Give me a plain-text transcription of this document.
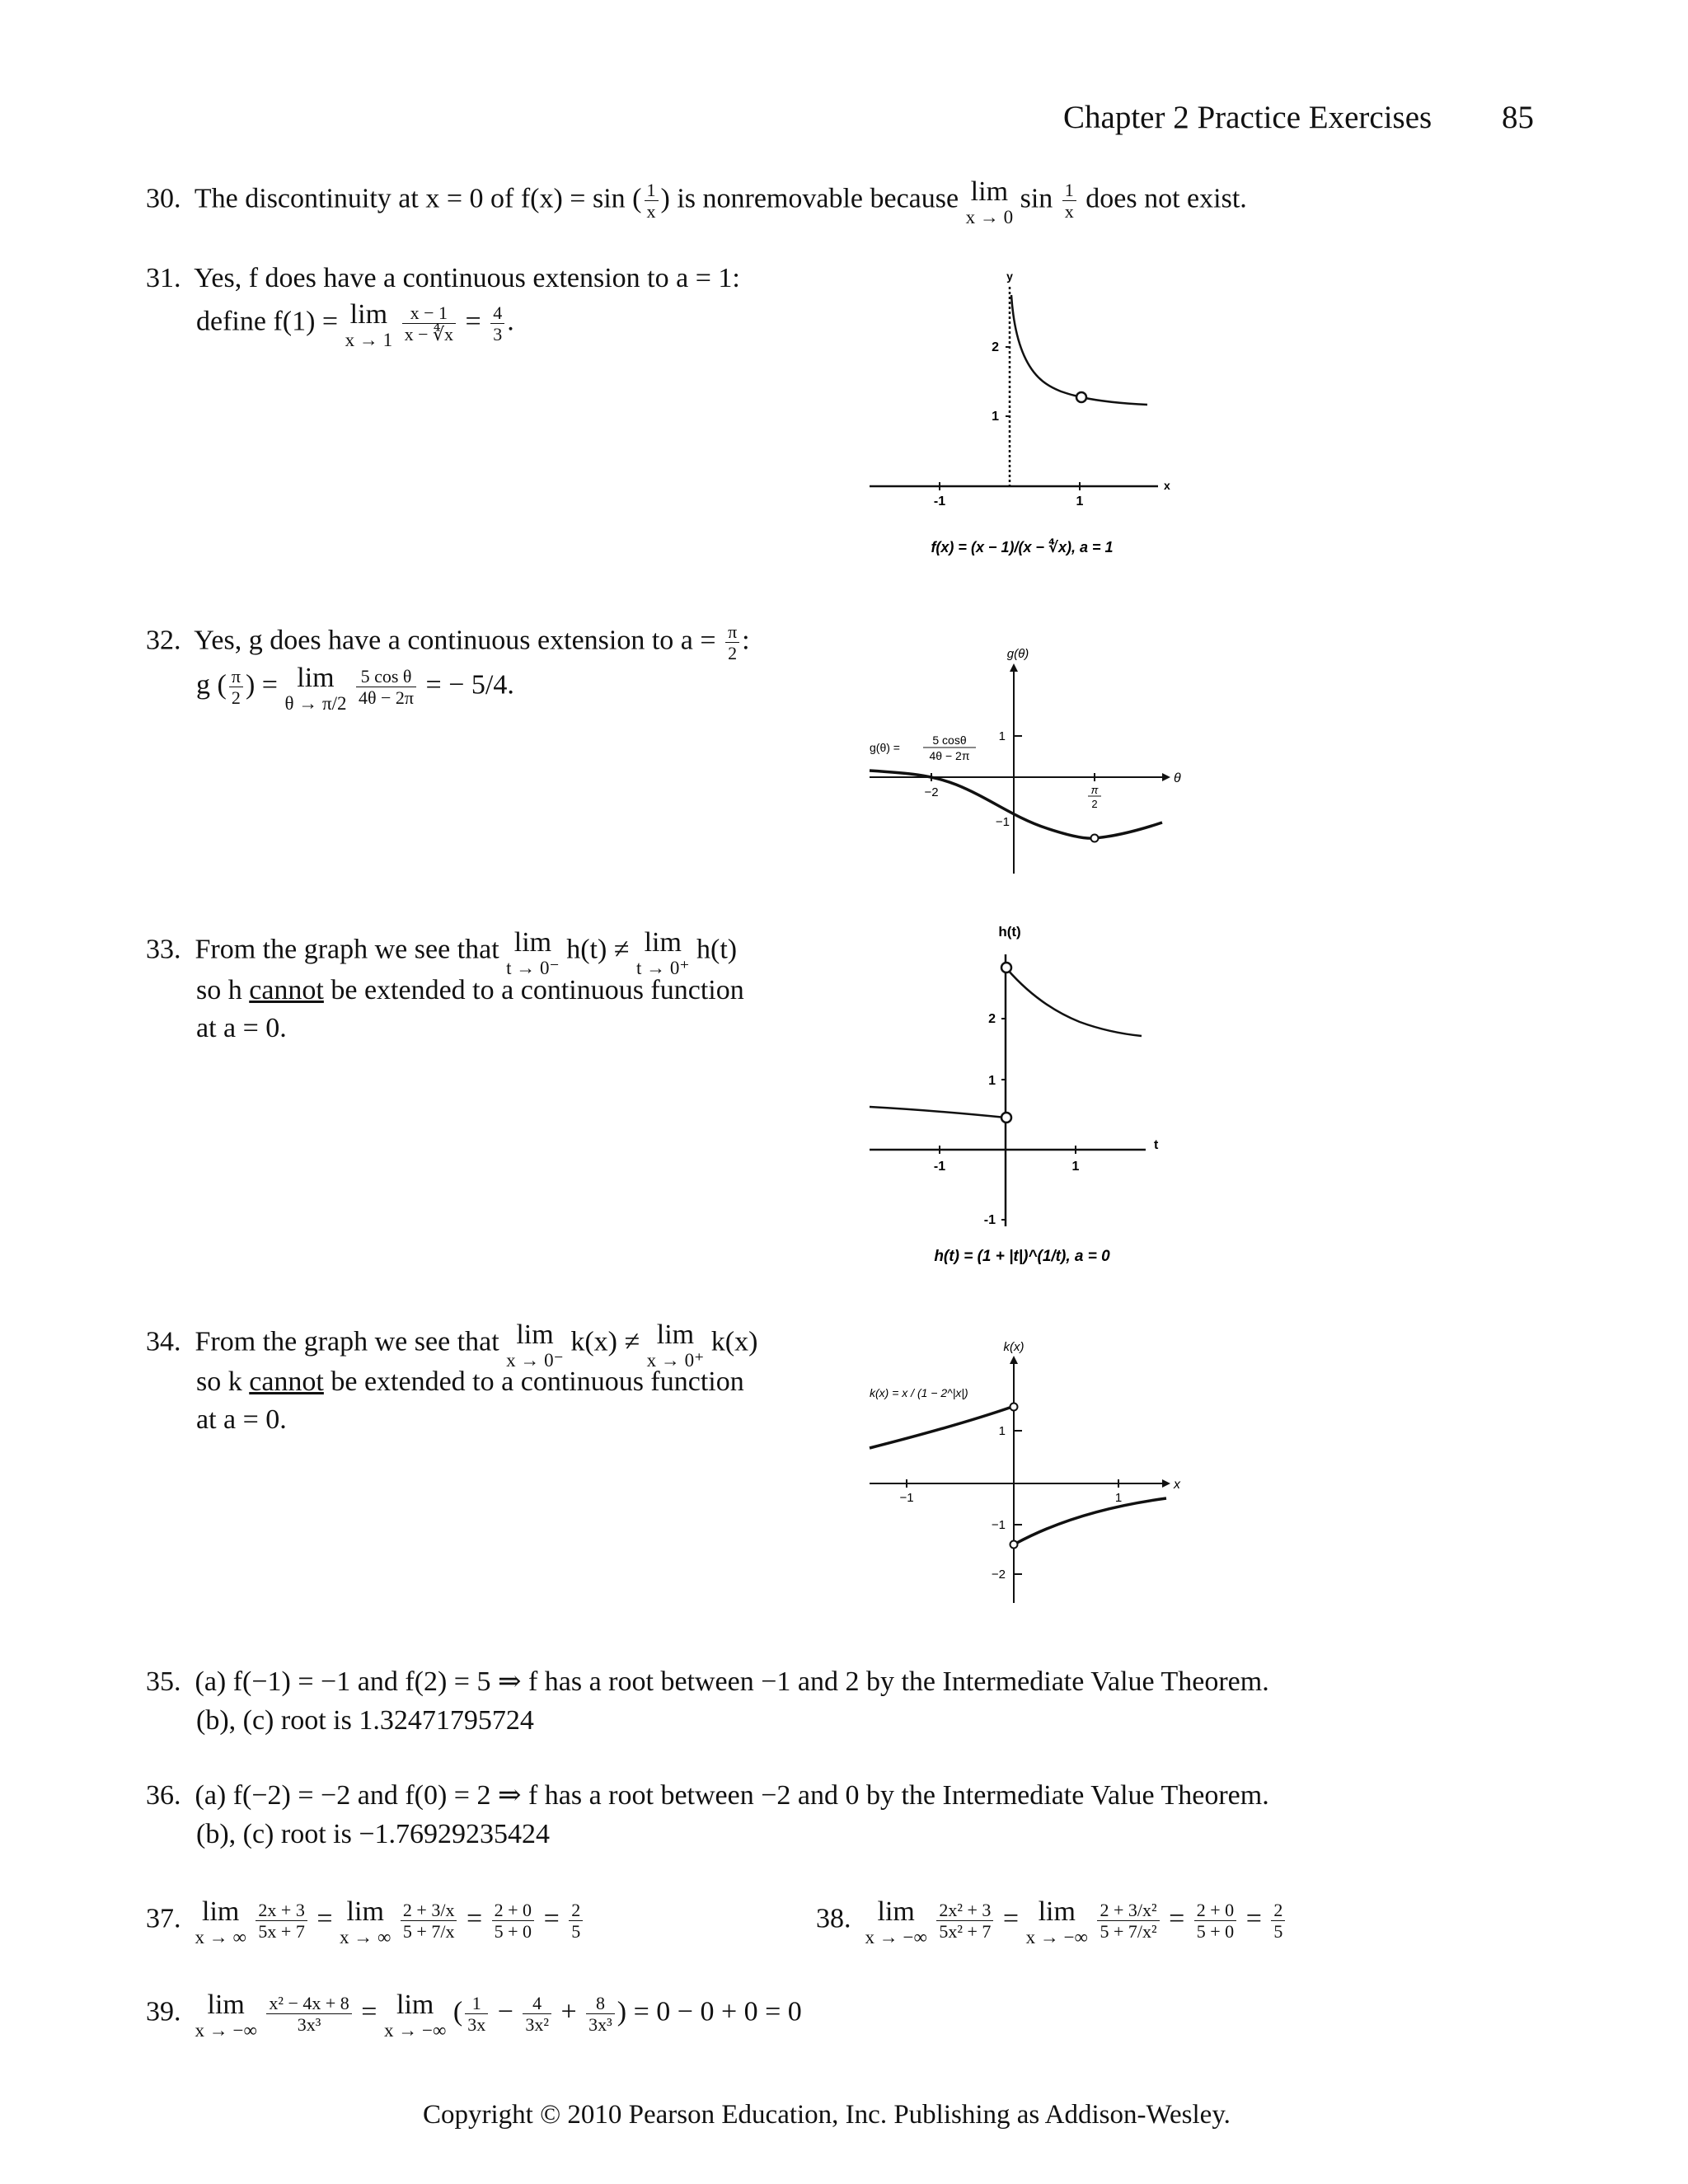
Chapter 2 Practice Exercises 85
30. The discontinuity at x = 0 of f(x) = sin ( $\frac{1}{x}$ ) is nonremovable because lim
x → 0
$\sin \frac{1}{x}$ does not exist.
31. Yes, f does have a continuous extension to a = 1:
define f(1) = lim
x → 1
$\frac{x - 1}{x - ∜x} = \frac{4}{3}$ .
y
x
2
1
-1	1
f(x) = (x − 1)/(x − ∜x), a = 1
32. Yes, g does have a continuous extension to $a = \frac{\pi}{2}$ :
g ( $\frac{\pi}{2}$ ) = lim
θ → π/2
$\frac{\text{5 cos θ}}{4\theta - 2\pi}$ = − 5/4.
g(θ)
θ
1
−1
−2	π
2
g(θ) =
5 cosθ
4θ − 2π
33. From the graph we see that lim
t → 0⁻
h(t) ≠ lim
t → 0⁺
h(t)
so h cannot be extended to a continuous function
at a = 0.
h(t)
t
2
1
-1
-1	1
h(t) = (1 + |t|)^(1/t), a = 0
34. From the graph we see that lim
x → 0⁻
k(x) ≠ lim
x → 0⁺
k(x)
so k cannot be extended to a continuous function
at a = 0.
x
k(x)
1
−1
−2
−1	1
k(x) = x / (1 − 2^|x|)
35. (a) f(−1) = −1 and f(2) = 5 ⇒ f has a root between −1 and 2 by the Intermediate Value Theorem.
(b), (c) root is 1.32471795724
36. (a) f(−2) = −2 and f(0) = 2 ⇒ f has a root between −2 and 0 by the Intermediate Value Theorem.
(b), (c) root is −1.76929235424
37. lim
x → ∞
$\frac{2x + 3}{5x + 7} = \lim$
x → ∞
$\frac{2 + 3/x}{5 + 7/x} = \frac{2 + 0}{5 + 0} = \frac{2}{5}$	38. lim
x → −∞
$\frac{\text{2x² + 3}}{\text{5x² + 7}} = \lim$
x → −∞
$\frac{\text{2 + 3/x²}}{\text{5 + 7/x²}} = \frac{2 + 0}{5 + 0} = \frac{2}{5}$
39. lim
x → −∞
$\frac{\text{x² − 4x + 8}}{\text{3x³}} = \lim$
x → −∞
( $\frac{1}{3x} - \frac{4}{\text{3x²}} + \frac{8}{\text{3x³}}$ ) = 0 − 0 + 0 = 0
Copyright © 2010 Pearson Education, Inc. Publishing as Addison-Wesley.
